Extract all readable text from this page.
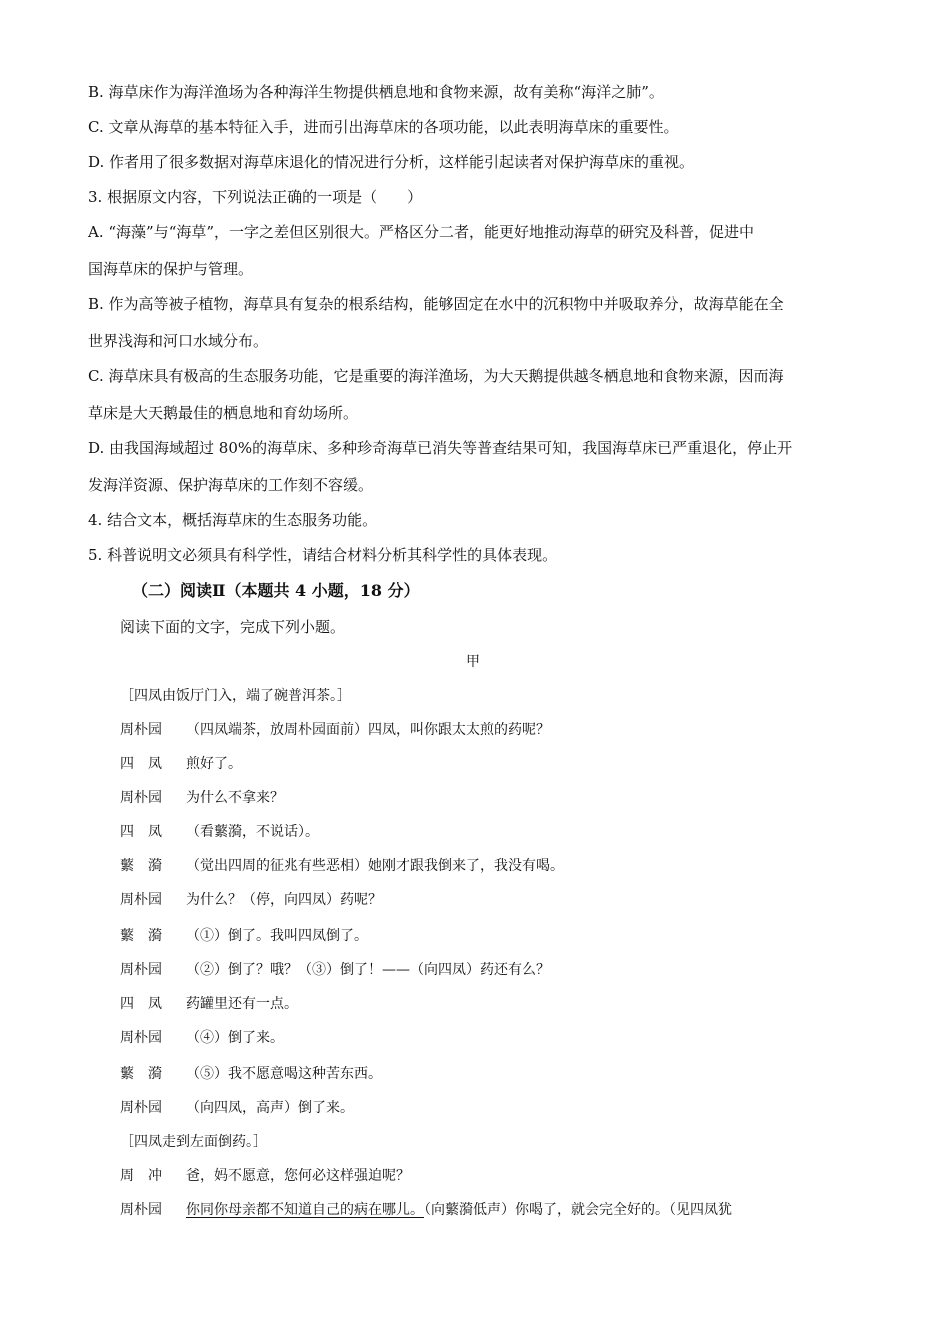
B. 海草床作为海洋渔场为各种海洋生物提供栖息地和食物来源，故有美称“海洋之肺”。
C. 文章从海草的基本特征入手，进而引出海草床的各项功能，以此表明海草床的重要性。
D. 作者用了很多数据对海草床退化的情况进行分析，这样能引起读者对保护海草床的重视。
3. 根据原文内容，下列说法正确的一项是（　　）
A. “海藻”与“海草”，一字之差但区别很大。严格区分二者，能更好地推动海草的研究及科普，促进中
国海草床的保护与管理。
B. 作为高等被子植物，海草具有复杂的根系结构，能够固定在水中的沉积物中并吸取养分，故海草能在全
世界浅海和河口水域分布。
C. 海草床具有极高的生态服务功能，它是重要的海洋渔场，为大天鹅提供越冬栖息地和食物来源，因而海
草床是大天鹅最佳的栖息地和育幼场所。
D. 由我国海域超过 80%的海草床、多种珍奇海草已消失等普查结果可知，我国海草床已严重退化，停止开
发海洋资源、保护海草床的工作刻不容缓。
4. 结合文本，概括海草床的生态服务功能。
5. 科普说明文必须具有科学性，请结合材料分析其科学性的具体表现。
（二）阅读Ⅱ（本题共 4 小题，18 分）
阅读下面的文字，完成下列小题。
甲
［四凤由饭厅门入，端了碗普洱茶。］
周朴园 （四凤端茶，放周朴园面前）四凤，叫你跟太太煎的药呢？
四　凤 煎好了。
周朴园 为什么不拿来？
四　凤 （看蘩漪，不说话）。
蘩　漪 （觉出四周的征兆有些恶相）她刚才跟我倒来了，我没有喝。
周朴园 为什么？（停，向四凤）药呢？
蘩　漪 （①）倒了。我叫四凤倒了。
周朴园 （②）倒了？哦？（③）倒了！——（向四凤）药还有么？
四　凤 药罐里还有一点。
周朴园 （④）倒了来。
蘩　漪 （⑤）我不愿意喝这种苦东西。
周朴园 （向四凤，高声）倒了来。
［四凤走到左面倒药。］
周　冲 爸，妈不愿意，您何必这样强迫呢？
周朴园 你同你母亲都不知道自己的病在哪儿。（向蘩漪低声）你喝了，就会完全好的。（见四凤犹
